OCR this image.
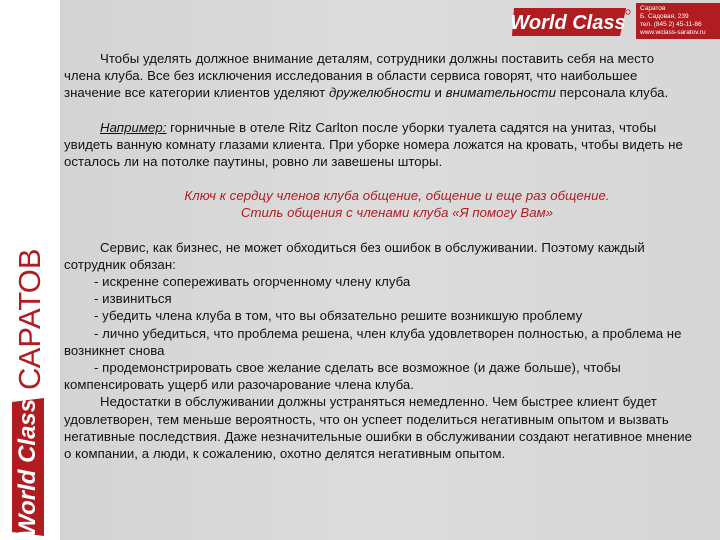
World Class
Саратов
Б. Садовая, 239
тел. (845 2) 45-11-86
www.wclass-saratov.ru
World Class
САРАТОВ

Чтобы уделять должное внимание деталям, сотрудники должны поставить себя на место члена клуба. Все без исключения исследования в области сервиса говорят, что наибольшее значение все категории клиентов уделяют дружелюбности и внимательности персонала клуба.

Например: горничные в отеле Ritz Carlton после уборки туалета садятся на унитаз, чтобы увидеть ванную комнату глазами клиента. При уборке номера ложатся на кровать, чтобы видеть не осталось ли на потолке паутины, ровно ли завешены шторы.

Ключ к сердцу членов клуба общение, общение и еще раз общение.

Стиль общения с членами клуба «Я помогу Вам»

Сервис, как бизнес, не может обходиться без ошибок в обслуживании. Поэтому каждый сотрудник обязан:

- искренне сопереживать огорченному члену клуба

- извиниться

- убедить члена клуба в том, что вы обязательно решите возникшую проблему

- лично убедиться, что проблема решена, член клуба удовлетворен полностью, а проблема не возникнет снова

- продемонстрировать свое желание сделать все возможное (и даже больше), чтобы компенсировать ущерб или разочарование члена клуба.

Недостатки в обслуживании должны устраняться немедленно. Чем быстрее клиент будет удовлетворен, тем меньше вероятность, что он успеет поделиться негативным опытом и вызвать негативные последствия. Даже незначительные ошибки в обслуживании создают негативное мнение о компании, а люди, к сожалению, охотно делятся негативным опытом.
